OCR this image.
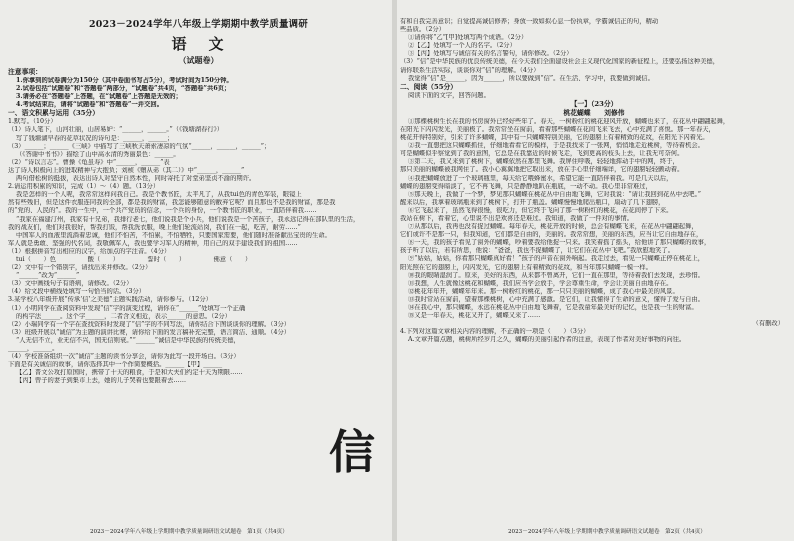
2023－2024学年八年级上学期期中教学质量调研
语文
（试题卷）
注意事项：
1.你拿到的试卷满分为150分（其中卷面书写占5分），考试时间为150分钟。
2.试卷包括“试题卷”和“答题卷”两部分，“试题卷”共4页，“答题卷”共6页；
3.请务必在“答题卷”上答题，在“试题卷”上答题是无效的；
4.考试结束后，请将“试题卷”和“答题卷”一并交回。
一、语文积累与运用（35分）
1.默写。（10分）
（1）诗人笔下，山河壮丽，山居易妒：“______，______。”（《钱塘湖春行》）
写了钱塘湖早春的花草状况的诗句是：______，______；
（3）______；______《三峡》中描写了三峡秋天萧索凄凉的气氛“______，______，______”；
（《答谢中书书》）描绘了山中高水清的秀丽景色：______。
（2）“诗以言志”。曹操《龟虽寿》中“______，______”表
达了诗人积极向上的进取精神与大抱负；刘桢《赠从弟（其二）》中“______，______”
两句借松树的挺拔，表达出诗人对坚守自然本性，同时寄托了对堂弟坚贞不渝的期许。
2.请运用积累的知识，完成（1）～（4）题。（13分）
我是怎样的一个人呢，我常常这样问我自己。我是个教书匠，太平凡了，从我tui色的青色军装，眼镜上
然有些残旧，但是这件衣服连同我的全部，都是我的财富，我怎能够随意的敝弃它呢？而且那也不是我的财富，那是我
的“党的、人民的”。我的一生中，一个共产党员的信念，一个兵的身份，一个教书匠的职业，一直陪伴着我……
“我家在福建汀州，我家有十兄弟，我排行老七，他们说我是个小兵，他们说我是一个苦孩子，我永远记得在部队里的生活，
我的战友们，他们对我很好，帮我打饭，帮我洗衣服，晚上他们轮流站岗，我们在一起，吃苦，耐劳……”
中国军人的血液里流淌着忠诚，他们不怕苦，不怕累，不怕牺牲，只要国家需要，他们随时准备献出宝贵的生命。
军人就是勇敢、坚强的代名词，我敬佩军人，我也要学习军人的精神，用自己的双手建设我们的祖国……
（1）根据拼音写出相应的汉字，给加点的字注音。（4分）
tuì（　　）色　　　　　酸（　　）　　　　　誓时（　　）　　　　　佛意（　　）
（2）文中有一个错别字，请找出来并修改。（2分）
“______”改为“______”
（3）文中画线句子有语病，请修改。（2分）
（4）给文段中横线处填写一句恰当的话。（3分）
3.某学校八年级开展“传承‘信’之美德”主题实践活动，请你参与。（12分）
（1）小明同学在查阅资料中发现“信”字的演变过程，请你在“______”处填写一个正确
的构字法______。这个字______，二者含义相近，表示______的意思。（2分）
（2）小瑞同学有一个字在查找资料时发现了“信”字的不同写法，请你结合下图谈谈你的理解。（3分）
（3）班级开展以“诚信”为主题的演讲比赛，请你给下面的发言稿补充完整，语言简洁、通顺。（4分）
“人无信不立，业无信不兴，国无信则衰。”“______”诚信是中华民族的传统美德，
______，______。
（4）学校准备组织一次“诚信”主题的读书分享会，请你为此写一段开场白。（3分）
下面是有关诚信的故事，请你选择其中一个作简要概括。______【甲】______
【乙】晋文公攻打原国时，携带了十天的粮食，于是和大夫们约定十天为期限……
【丙】曾子的妻子到集市上去，她的儿子哭着也要跟着去……
信
2023－2024学年八年级上学期期中教学质量调研语文试题卷　第1页（共4页）
有和自我完善意识；自觉提高诚信修养；身放一致如拟心息一份执章，学霸诚信正的句，精动
些品质。（2分）
①请你将“乙”[甲]处填写两个成语。（2分）
②【乙】处填写一个人的名字。（2分）
③【丙】处填写与诚信有关的名言警句，请你修改。（2分）
（3）“信”是中华民族的优良传统美德，在今天我们全面建设社会主义现代化国家的新征程上，还要弘扬这种美德，
请你联系生活实际，谈谈你对“信”的理解。（4分）
我觉得“信”是______，因为______，所以要做到“信”。在生活、学习中，我要做到诚信。
二、阅读（55分）
阅读下面的文字，回答问题。
【一】（23分）
桃花蝴蝶　　刘修伟
①那棵桃树生长在我的书房窗外已经好些年了。春天，一树粉红的桃花迎风开放，蝴蝶也来了，在花丛中翩翩起舞，
在阳光下闪闪发光，美丽极了。我常常坐在窗前，看着那些蝴蝶在花间飞来飞去，心中充满了喜悦。那一年春天，
桃花开得特别好，引来了许多蝴蝶，其中有一只蝴蝶特别美丽，它的翅膀上有着精致的花纹，在阳光下闪着光。
②我一直想把这只蝴蝶抓住，仔细地看看它的模样，于是我找来了一张网，悄悄地走近桃树，等待着机会。
可是蝴蝶似乎察觉到了我的意图，它总是在我靠近的时候飞走，飞到更高的枝头上去，让我无可奈何。
③第二天，我又来到了桃树下，蝴蝶依然在那里飞舞。我屏住呼吸，轻轻地挥动手中的网，终于，
那只美丽的蝴蝶被我网住了。我小心翼翼地把它取出来，放在手心里仔细端详，它的翅膀轻轻颤动着。
④我把蝴蝶放进了一个玻璃瓶里，每天给它喂蜂蜜水，希望它能一直陪伴着我。可是几天以后，
蝴蝶的翅膀变得暗淡了，它不再飞舞，只是静静地趴在瓶底，一动不动。我心里非常难过，
⑤那天晚上，我做了一个梦，梦见那只蝴蝶在桃花丛中自由地飞舞，它对我说：“请让我回到花丛中去吧。”
醒来以后，我拿着玻璃瓶来到了桃树下，打开了瓶盖。蝴蝶慢慢地爬出瓶口，扇动了几下翅膀，
⑥它飞起来了，虽然飞得很慢，很吃力，但它终于飞向了那一树粉红的桃花，在花间停了下来。
我站在树下，看着它，心里说不出是欢喜还是难过。我知道，我做了一件对的事情。
⑦从那以后，我再也没有捉过蝴蝶。每年春天，桃花开放的时候，总会有蝴蝶飞来，在花丛中翩翩起舞，
它们或许不是那一只，但我知道，它们都是自由的，美丽的。我常常想，美丽的东西，应当让它自由地存在，
⑧一天，我的孩子看见了窗外的蝴蝶，吵着要我给他捉一只来。我笑着摇了摇头，给他讲了那只蝴蝶的故事，
孩子听了以后，若有所思，他说：“爸爸，我也不捉蝴蝶了，让它们在花丛中飞吧。”我欣慰地笑了。
⑨“姑姑，姑姑，你看那只蝴蝶真好看！”孩子的声音在窗外响起。我走过去，看见一只蝴蝶正停在桃花上，
阳光照在它的翅膀上，闪闪发光，它的翅膀上有着精致的花纹，和当年那只蝴蝶一模一样。
⑩我的眼睛湿润了。原来，美好的东西，从来都不曾离开，它们一直在那里，等待着我们去发现，去珍惜。
⑪我想，人生就像这桃花和蝴蝶，我们应当学会放手，学会尊重生命，学会让美丽自由地存在。
⑫桃花年年开，蝴蝶年年来。那一树粉红的桃花，那一只只美丽的蝴蝶，成了我心中最美的风景。
⑬我时常站在窗前，望着那棵桃树，心中充满了感激。是它们，让我懂得了生命的意义，懂得了爱与自由。
⑭在我心中，那只蝴蝶，永远在桃花丛中自由地飞舞着，它是我童年最美好的记忆，也是我一生的财富。
⑮又是一年春天，桃花又开了，蝴蝶又来了……
（有删改）
4.下列对这篇文章相关内容的理解，不正确的一项是（　　）（3分）
A.文章开篇点题，桃树所经岁月之久，蝴蝶的美丽引起作者的注意，表现了作者对美好事物的向往。
2023－2024学年八年级上学期期中教学质量调研语文试题卷　第2页（共4页）
